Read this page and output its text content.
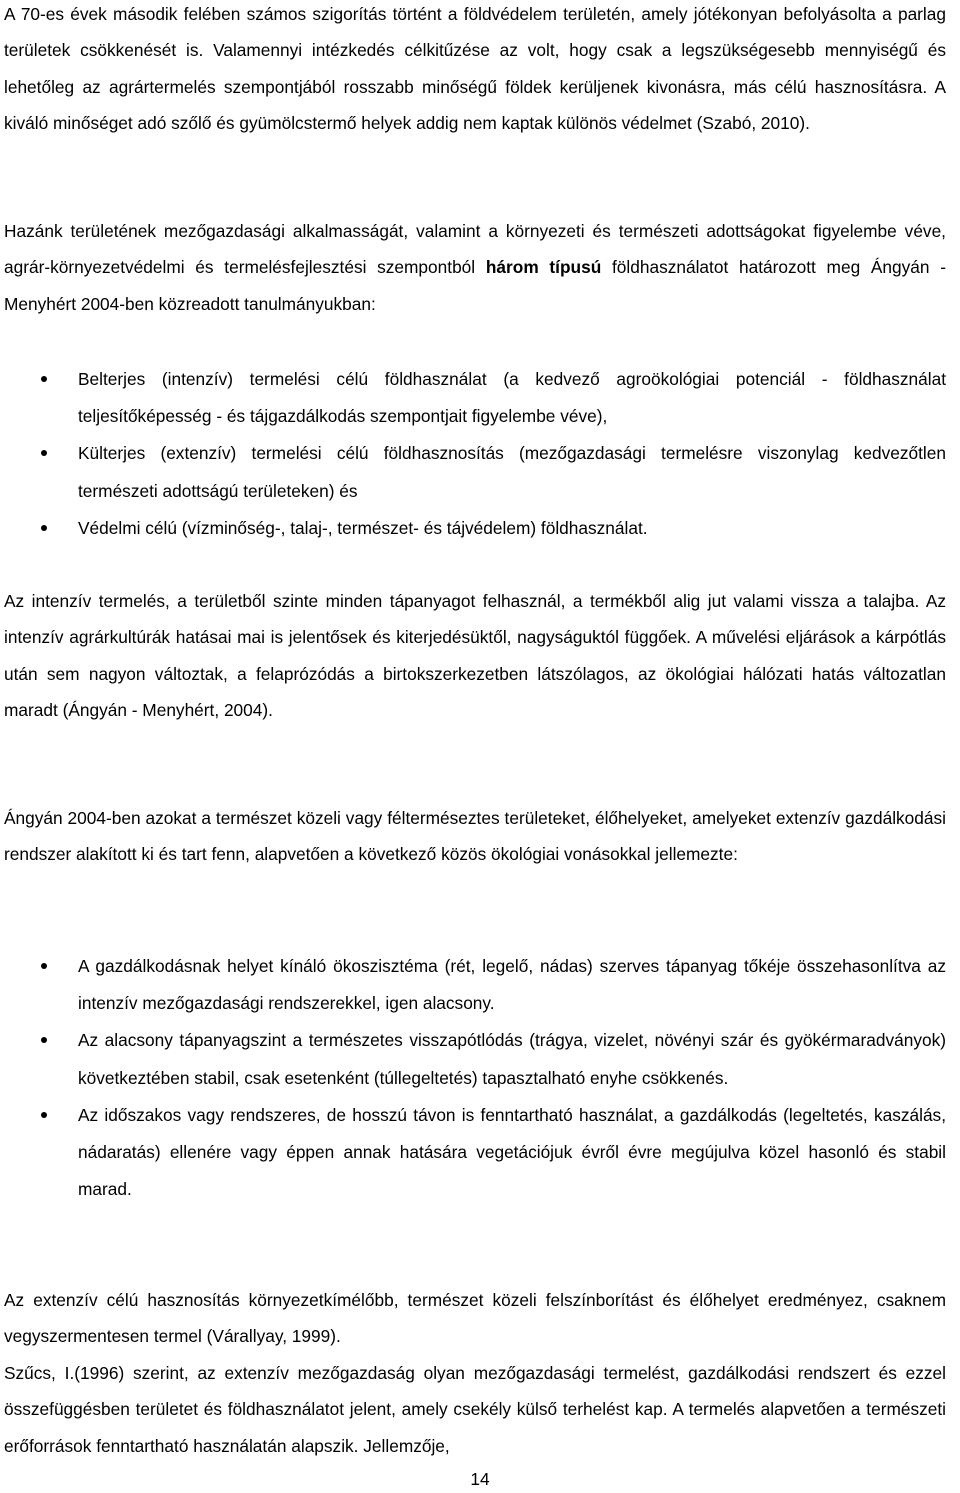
A 70-es évek második felében számos szigorítás történt a földvédelem területén, amely jótékonyan befolyásolta a parlag területek csökkenését is. Valamennyi intézkedés célkitűzése az volt, hogy csak a legszükségesebb mennyiségű és lehetőleg az agrártermelés szempontjából rosszabb minőségű földek kerüljenek kivonásra, más célú hasznosításra. A kiváló minőséget adó szőlő és gyümölcstermő helyek addig nem kaptak különös védelmet (Szabó, 2010).

Hazánk területének mezőgazdasági alkalmasságát, valamint a környezeti és természeti adottságokat figyelembe véve, agrár-környezetvédelmi és termelésfejlesztési szempontból három típusú földhasználatot határozott meg Ángyán - Menyhért 2004-ben közreadott tanulmányukban:

Belterjes (intenzív) termelési célú földhasználat (a kedvező agroökológiai potenciál - földhasználat teljesítőképesség - és tájgazdálkodás szempontjait figyelembe véve),
Külterjes (extenzív) termelési célú földhasznosítás (mezőgazdasági termelésre viszonylag kedvezőtlen természeti adottságú területeken) és
Védelmi célú (vízminőség-, talaj-, természet- és tájvédelem) földhasználat.

Az intenzív termelés, a területből szinte minden tápanyagot felhasznál, a termékből alig jut valami vissza a talajba. Az intenzív agrárkultúrák hatásai mai is jelentősek és kiterjedésüktől, nagyságuktól függőek. A művelési eljárások a kárpótlás után sem nagyon változtak, a felaprózódás a birtokszerkezetben látszólagos, az ökológiai hálózati hatás változatlan maradt (Ángyán - Menyhért, 2004).

Ángyán 2004-ben azokat a természet közeli vagy félterméseztes területeket, élőhelyeket, amelyeket extenzív gazdálkodási rendszer alakított ki és tart fenn, alapvetően a következő közös ökológiai vonásokkal jellemezte:

A gazdálkodásnak helyet kínáló ökoszisztéma (rét, legelő, nádas) szerves tápanyag tőkéje összehasonlítva az intenzív mezőgazdasági rendszerekkel, igen alacsony.
Az alacsony tápanyagszint a természetes visszapótlódás (trágya, vizelet, növényi szár és gyökérmaradványok) következtében stabil, csak esetenként (túllegeltetés) tapasztalható enyhe csökkenés.
Az időszakos vagy rendszeres, de hosszú távon is fenntartható használat, a gazdálkodás (legeltetés, kaszálás, nádaratás) ellenére vagy éppen annak hatására vegetációjuk évről évre megújulva közel hasonló és stabil marad.

Az extenzív célú hasznosítás környezetkímélőbb, természet közeli felszínborítást és élőhelyet eredményez, csaknem vegyszermentesen termel (Várallyay, 1999).

Szűcs, I.(1996) szerint, az extenzív mezőgazdaság olyan mezőgazdasági termelést, gazdálkodási rendszert és ezzel összefüggésben területet és földhasználatot jelent, amely csekély külső terhelést kap. A termelés alapvetően a természeti erőforrások fenntartható használatán alapszik. Jellemzője,

14
